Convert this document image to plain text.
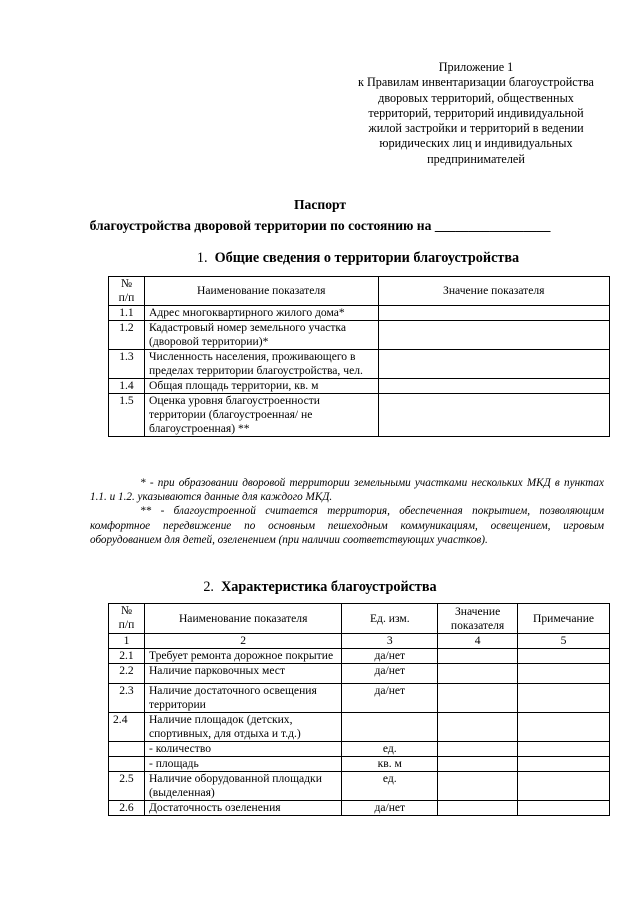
Приложение 1
к Правилам инвентаризации благоустройства
дворовых территорий, общественных
территорий, территорий индивидуальной
жилой застройки и территорий в ведении
юридических лиц и индивидуальных
предпринимателей
Паспорт
благоустройства дворовой территории по состоянию на _________________
1. Общие сведения о территории благоустройства
№
п/п	Наименование показателя	Значение показателя
1.1	Адрес многоквартирного жилого дома*	
1.2	Кадастровый номер земельного участка (дворовой территории)*	
1.3	Численность населения, проживающего в пределах территории благоустройства, чел.	
1.4	Общая площадь территории, кв. м	
1.5	Оценка уровня благоустроенности территории (благоустроенная/ не благоустроенная) **	

* - при образовании дворовой территории земельными участками нескольких МКД в пунктах 1.1. и 1.2. указываются данные для каждого МКД.

** - благоустроенной считается территория, обеспеченная покрытием, позволяющим комфортное передвижение по основным пешеходным коммуникациям, освещением, игровым оборудованием для детей, озеленением (при наличии соответствующих участков).

2. Характеристика благоустройства
№
п/п	Наименование показателя	Ед. изм.	Значение показателя	Примечание
1	2	3	4	5
2.1	Требует ремонта дорожное покрытие	да/нет		
2.2	Наличие парковочных мест	да/нет		
2.3	Наличие достаточного освещения территории	да/нет		
2.4	Наличие площадок (детских, спортивных, для отдыха и т.д.)			
	- количество	ед.		
	- площадь	кв. м		
2.5	Наличие оборудованной площадки (выделенная)	ед.		
2.6	Достаточность озеленения	да/нет		
